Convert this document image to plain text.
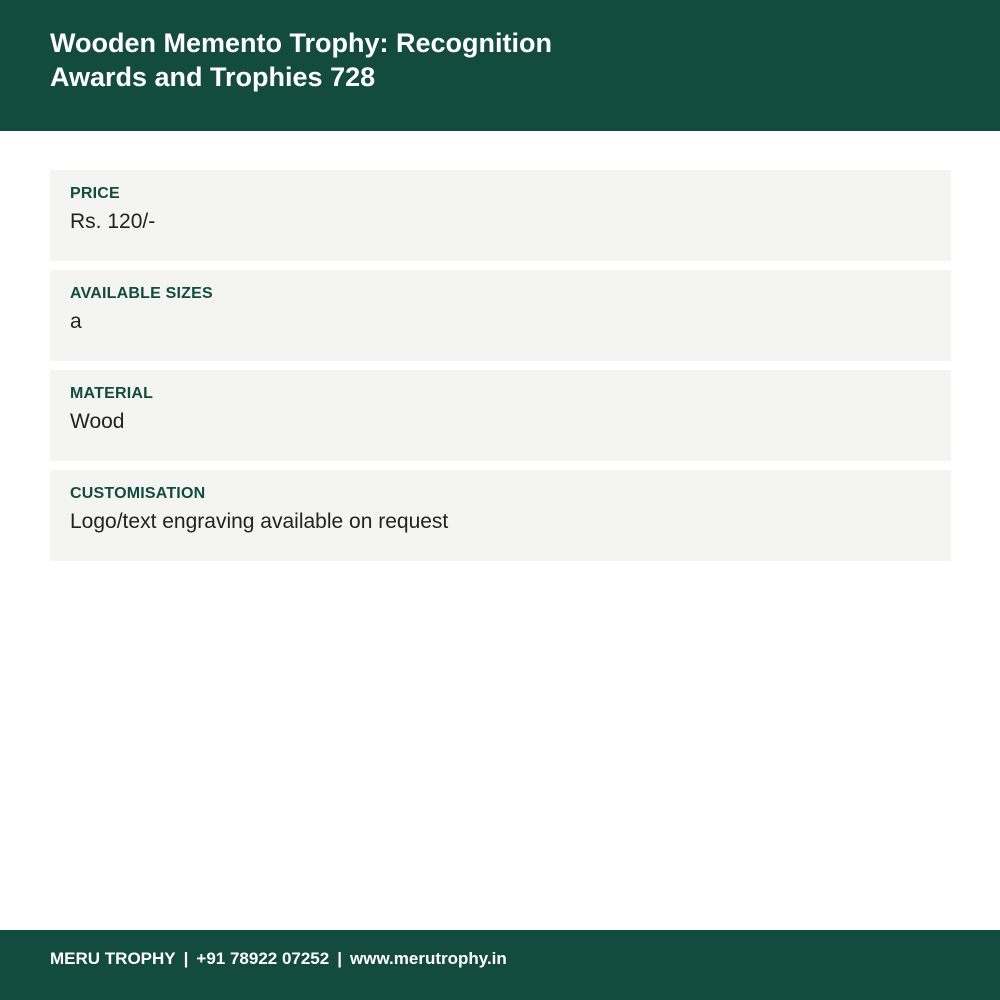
Wooden Memento Trophy: Recognition Awards and Trophies 728
PRICE
Rs. 120/-
AVAILABLE SIZES
a
MATERIAL
Wood
CUSTOMISATION
Logo/text engraving available on request
MERU TROPHY | +91 78922 07252 | www.merutrophy.in
